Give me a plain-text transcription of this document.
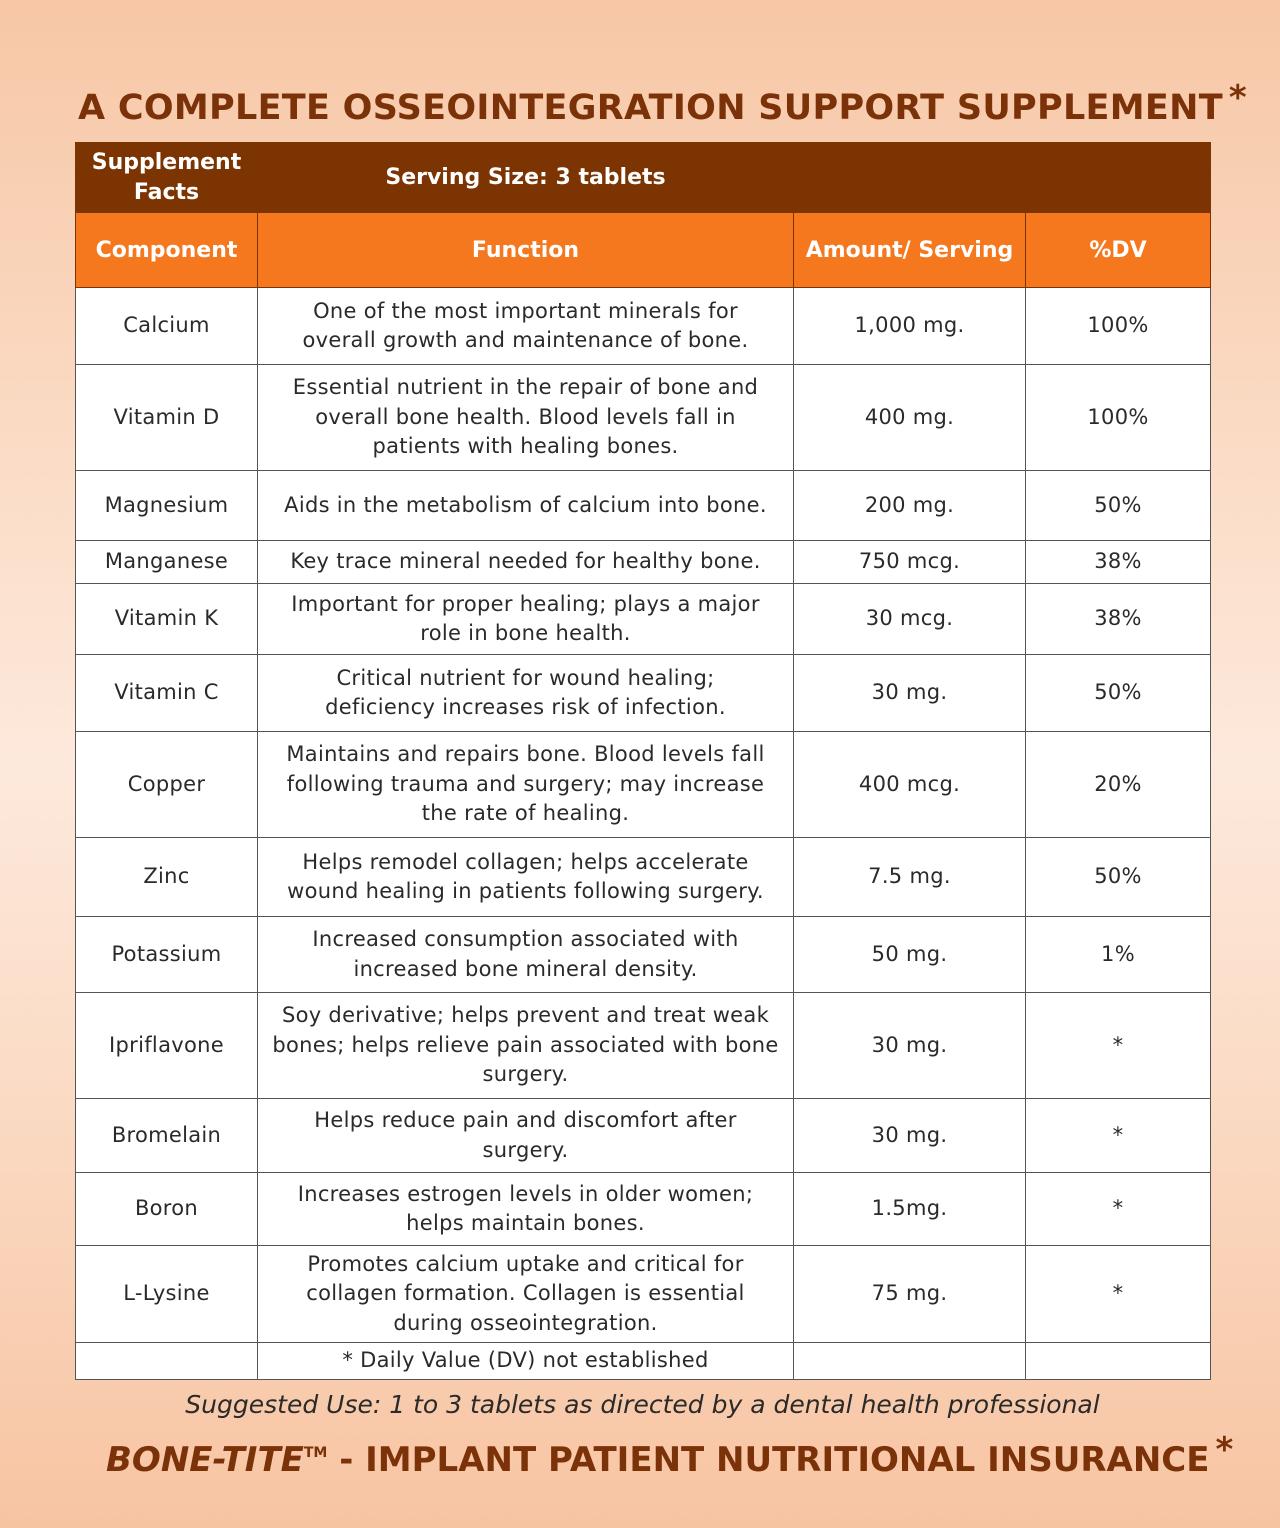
A COMPLETE OSSEOINTEGRATION SUPPORT SUPPLEMENT *
Supplement Facts	Serving Size: 3 tablets		
Component	Function	Amount/ Serving	%DV
Calcium	One of the most important minerals for overall growth and maintenance of bone.	1,000 mg.	100%
Vitamin D	Essential nutrient in the repair of bone and overall bone health. Blood levels fall in patients with healing bones.	400 mg.	100%
Magnesium	Aids in the metabolism of calcium into bone.	200 mg.	50%
Manganese	Key trace mineral needed for healthy bone.	750 mcg.	38%
Vitamin K	Important for proper healing; plays a major role in bone health.	30 mcg.	38%
Vitamin C	Critical nutrient for wound healing; deficiency increases risk of infection.	30 mg.	50%
Copper	Maintains and repairs bone. Blood levels fall following trauma and surgery; may increase the rate of healing.	400 mcg.	20%
Zinc	Helps remodel collagen; helps accelerate wound healing in patients following surgery.	7.5 mg.	50%
Potassium	Increased consumption associated with increased bone mineral density.	50 mg.	1%
Ipriflavone	Soy derivative; helps prevent and treat weak bones; helps relieve pain associated with bone surgery.	30 mg.	*
Bromelain	Helps reduce pain and discomfort after surgery.	30 mg.	*
Boron	Increases estrogen levels in older women; helps maintain bones.	1.5mg.	*
L-Lysine	Promotes calcium uptake and critical for collagen formation. Collagen is essential during osseointegration.	75 mg.	*
	* Daily Value (DV) not established		
Suggested Use: 1 to 3 tablets as directed by a dental health professional
BONE-TITE™ - IMPLANT PATIENT NUTRITIONAL INSURANCE *
